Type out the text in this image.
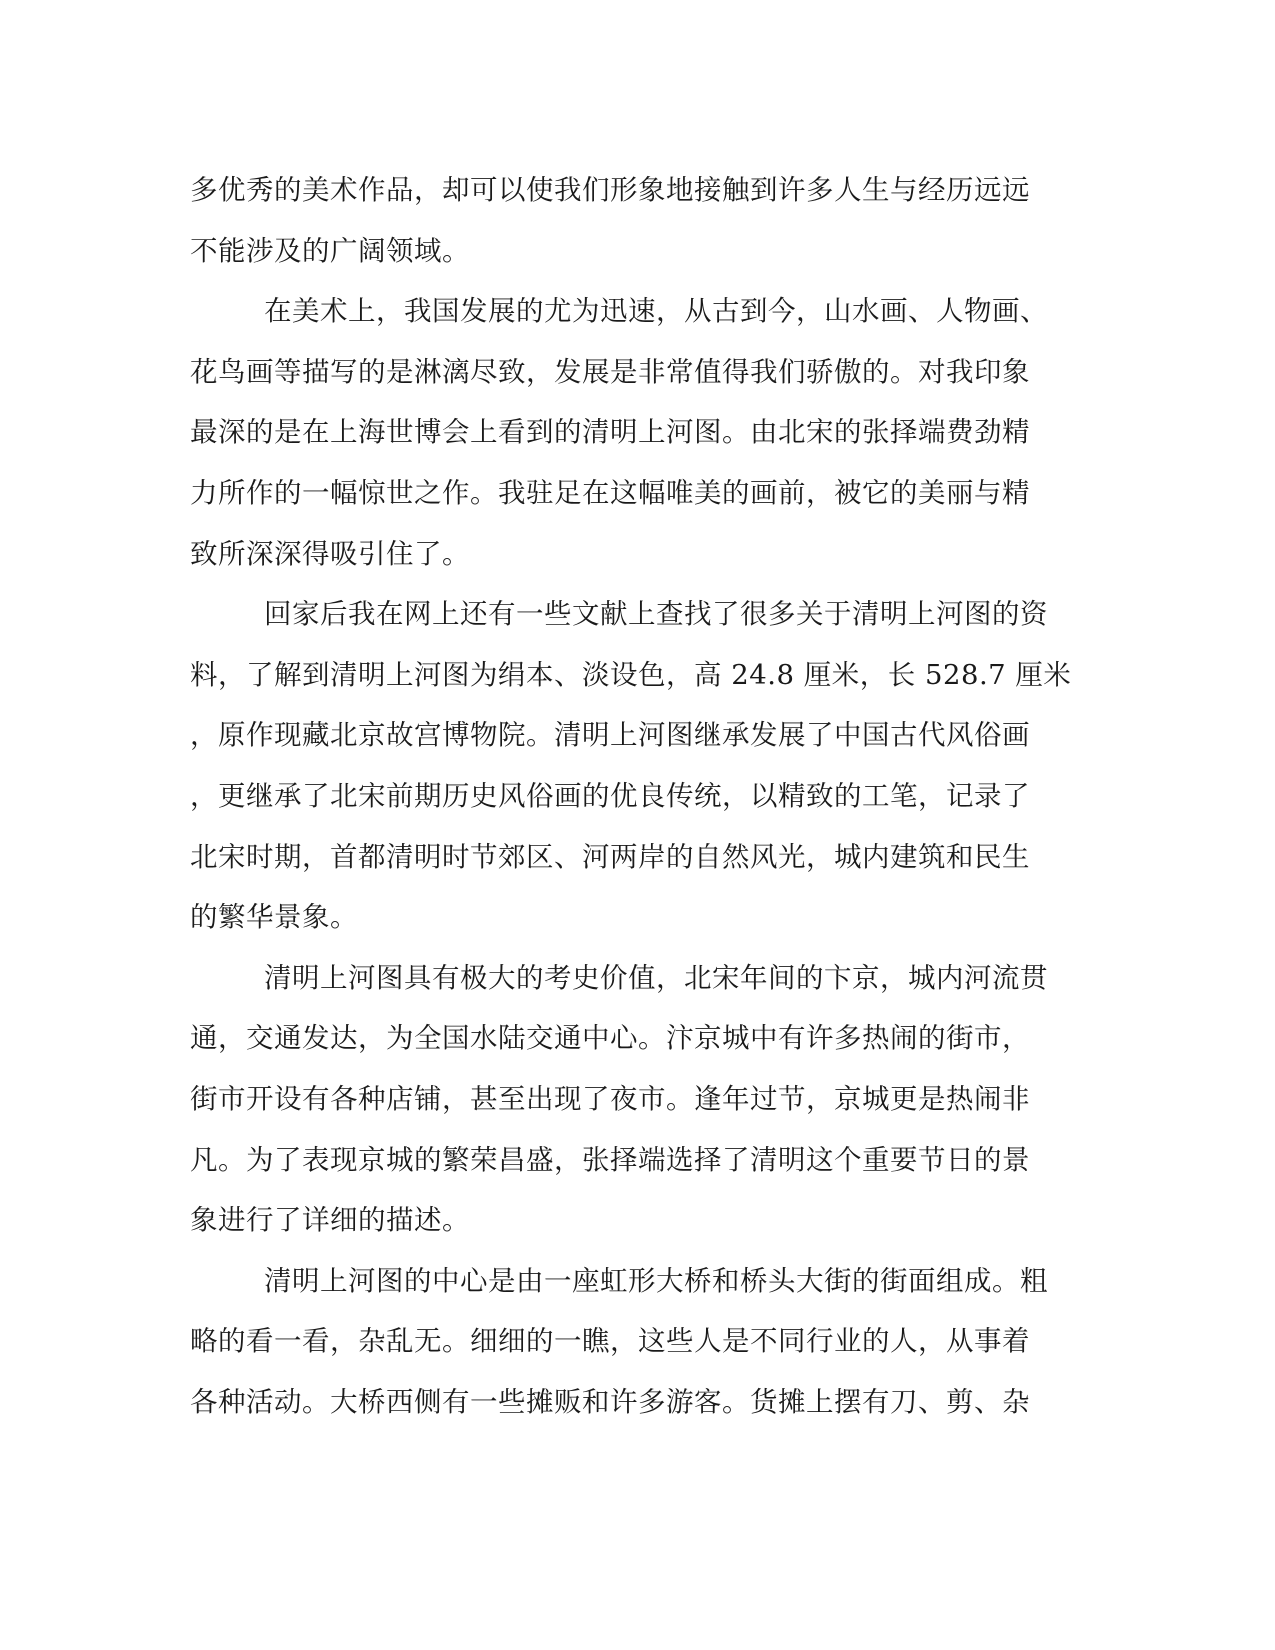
多优秀的美术作品，却可以使我们形象地接触到许多人生与经历远远
不能涉及的广阔领域。
在美术上，我国发展的尤为迅速，从古到今，山水画、人物画、
花鸟画等描写的是淋漓尽致，发展是非常值得我们骄傲的。对我印象
最深的是在上海世博会上看到的清明上河图。由北宋的张择端费劲精
力所作的一幅惊世之作。我驻足在这幅唯美的画前，被它的美丽与精
致所深深得吸引住了。
回家后我在网上还有一些文献上查找了很多关于清明上河图的资
料，了解到清明上河图为绢本、淡设色，高 24.8 厘米，长 528.7 厘米
，原作现藏北京故宫博物院。清明上河图继承发展了中国古代风俗画
，更继承了北宋前期历史风俗画的优良传统，以精致的工笔，记录了
北宋时期，首都清明时节郊区、河两岸的自然风光，城内建筑和民生
的繁华景象。
清明上河图具有极大的考史价值，北宋年间的卞京，城内河流贯
通，交通发达，为全国水陆交通中心。汴京城中有许多热闹的街市，
街市开设有各种店铺，甚至出现了夜市。逢年过节，京城更是热闹非
凡。为了表现京城的繁荣昌盛，张择端选择了清明这个重要节日的景
象进行了详细的描述。
清明上河图的中心是由一座虹形大桥和桥头大街的街面组成。粗
略的看一看，杂乱无。细细的一瞧，这些人是不同行业的人，从事着
各种活动。大桥西侧有一些摊贩和许多游客。货摊上摆有刀、剪、杂
